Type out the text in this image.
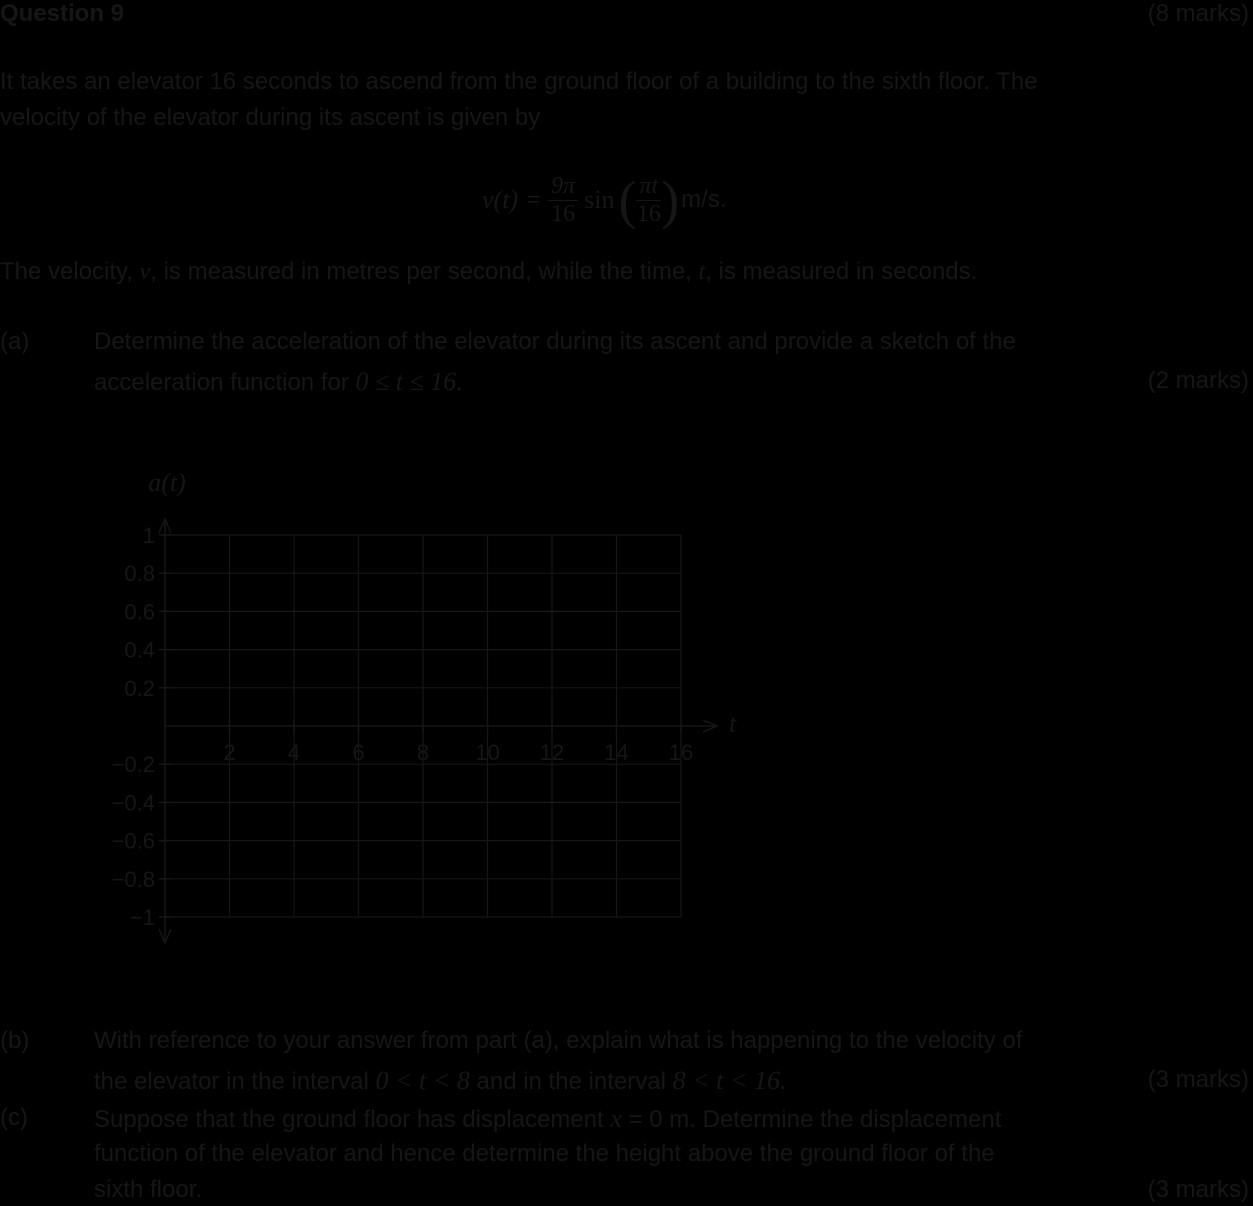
Question 9	(8 marks)
It takes an elevator 16 seconds to ascend from the ground floor of a building to the sixth floor. The
velocity of the elevator during its ascent is given by
$v(t) = \frac{9\pi}{16}$ sin ( $\frac{\pi t}{16}$ ) m/s.
The velocity, v, is measured in metres per second, while the time, t, is measured in seconds.
(a)	Determine the acceleration of the elevator during its ascent and provide a sketch of the
acceleration function for 0 ≤ t ≤ 16.	(2 marks)
1
0.8
0.6
0.4
0.2
−0.2
−0.4
−0.6
−0.8
−1
2 4 6 8 10 12 14 16
a(t)
t
(b)	With reference to your answer from part (a), explain what is happening to the velocity of
the elevator in the interval 0 < t < 8 and in the interval 8 < t < 16.	(3 marks)
(c)	Suppose that the ground floor has displacement x = 0 m. Determine the displacement
function of the elevator and hence determine the height above the ground floor of the
sixth floor.	(3 marks)
